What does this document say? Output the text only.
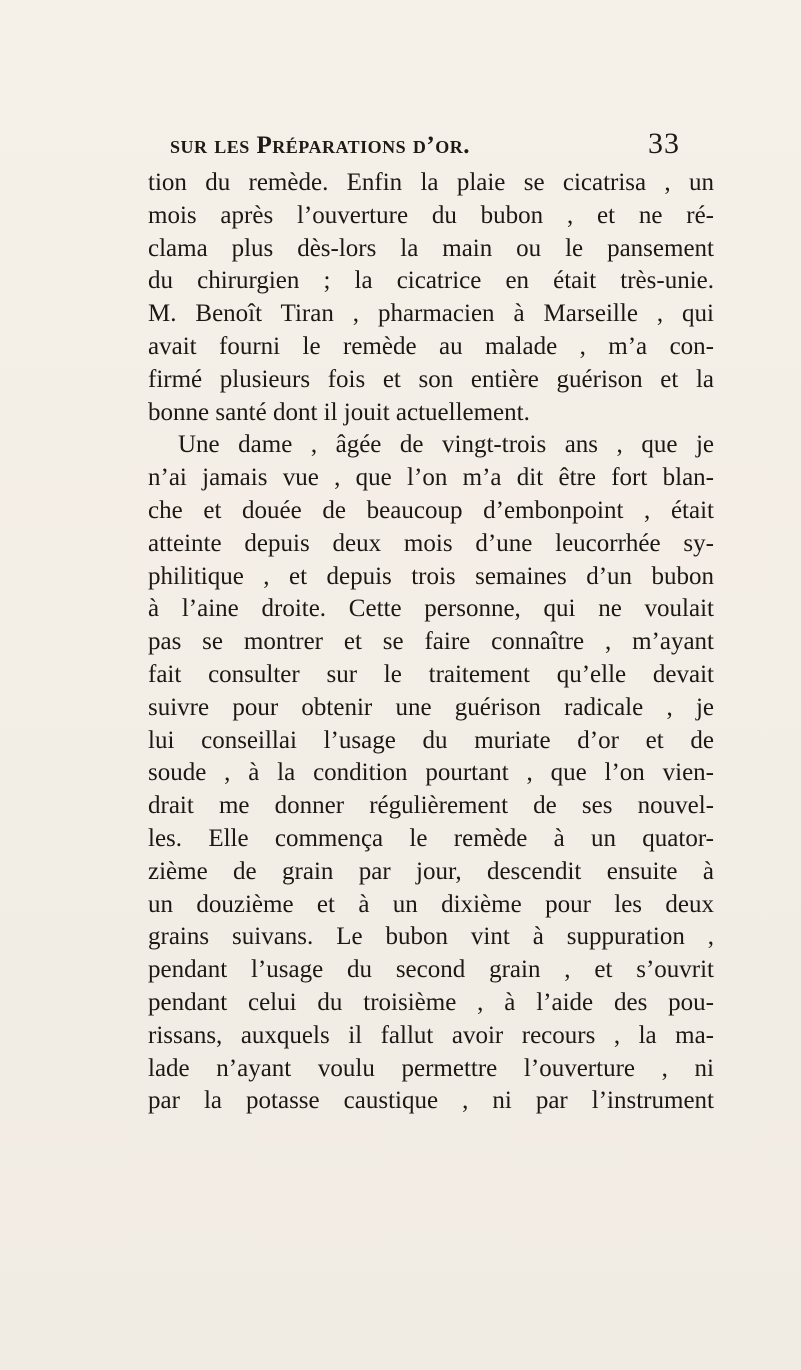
sur les Préparations d’or.	33
tion du remède. Enfin la plaie se cicatrisa , un
mois après l’ouverture du bubon , et ne ré-
clama plus dès-lors la main ou le pansement
du chirurgien ; la cicatrice en était très-unie.
M. Benoît Tiran , pharmacien à Marseille , qui
avait fourni le remède au malade , m’a con-
firmé plusieurs fois et son entière guérison et la
bonne santé dont il jouit actuellement.
Une dame , âgée de vingt-trois ans , que je
n’ai jamais vue , que l’on m’a dit être fort blan-
che et douée de beaucoup d’embonpoint , était
atteinte depuis deux mois d’une leucorrhée sy-
philitique , et depuis trois semaines d’un bubon
à l’aine droite. Cette personne, qui ne voulait
pas se montrer et se faire connaître , m’ayant
fait consulter sur le traitement qu’elle devait
suivre pour obtenir une guérison radicale , je
lui conseillai l’usage du muriate d’or et de
soude , à la condition pourtant , que l’on vien-
drait me donner régulièrement de ses nouvel-
les. Elle commença le remède à un quator-
zième de grain par jour, descendit ensuite à
un douzième et à un dixième pour les deux
grains suivans. Le bubon vint à suppuration ,
pendant l’usage du second grain , et s’ouvrit
pendant celui du troisième , à l’aide des pou-
rissans, auxquels il fallut avoir recours , la ma-
lade n’ayant voulu permettre l’ouverture , ni
par la potasse caustique , ni par l’instrument
